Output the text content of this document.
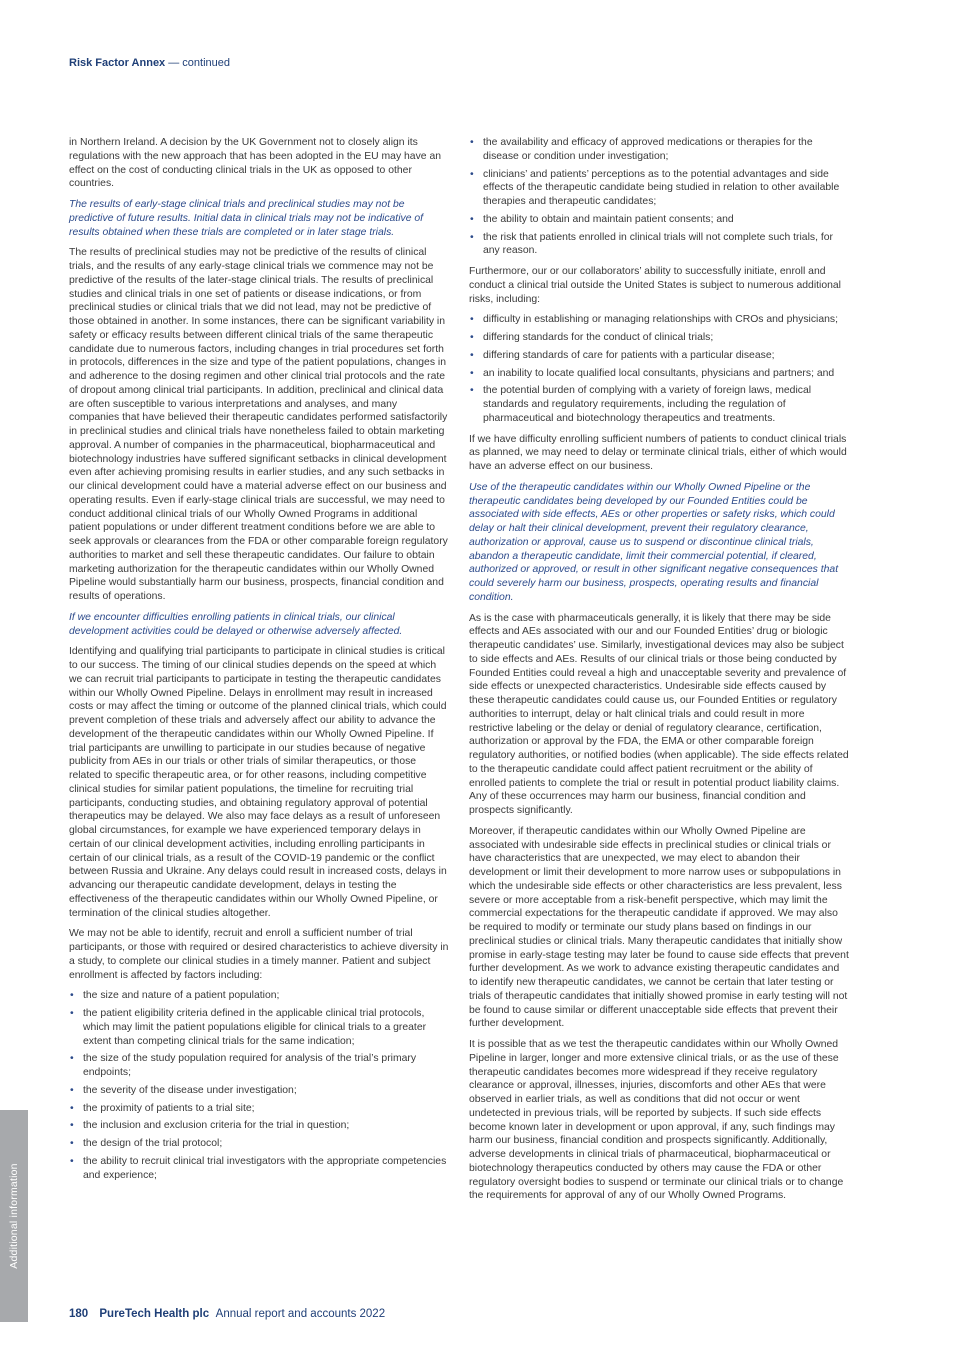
Risk Factor Annex — continued

in Northern Ireland. A decision by the UK Government not to closely align its regulations with the new approach that has been adopted in the EU may have an effect on the cost of conducting clinical trials in the UK as opposed to other countries.

The results of early-stage clinical trials and preclinical studies may not be predictive of future results. Initial data in clinical trials may not be indicative of results obtained when these trials are completed or in later stage trials.

The results of preclinical studies may not be predictive of the results of clinical trials, and the results of any early-stage clinical trials we commence may not be predictive of the results of the later-stage clinical trials. The results of preclinical studies and clinical trials in one set of patients or disease indications, or from preclinical studies or clinical trials that we did not lead, may not be predictive of those obtained in another. In some instances, there can be significant variability in safety or efficacy results between different clinical trials of the same therapeutic candidate due to numerous factors, including changes in trial procedures set forth in protocols, differences in the size and type of the patient populations, changes in and adherence to the dosing regimen and other clinical trial protocols and the rate of dropout among clinical trial participants. In addition, preclinical and clinical data are often susceptible to various interpretations and analyses, and many companies that have believed their therapeutic candidates performed satisfactorily in preclinical studies and clinical trials have nonetheless failed to obtain marketing approval. A number of companies in the pharmaceutical, biopharmaceutical and biotechnology industries have suffered significant setbacks in clinical development even after achieving promising results in earlier studies, and any such setbacks in our clinical development could have a material adverse effect on our business and operating results. Even if early-stage clinical trials are successful, we may need to conduct additional clinical trials of our Wholly Owned Programs in additional patient populations or under different treatment conditions before we are able to seek approvals or clearances from the FDA or other comparable foreign regulatory authorities to market and sell these therapeutic candidates. Our failure to obtain marketing authorization for the therapeutic candidates within our Wholly Owned Pipeline would substantially harm our business, prospects, financial condition and results of operations.

If we encounter difficulties enrolling patients in clinical trials, our clinical development activities could be delayed or otherwise adversely affected.

Identifying and qualifying trial participants to participate in clinical studies is critical to our success. The timing of our clinical studies depends on the speed at which we can recruit trial participants to participate in testing the therapeutic candidates within our Wholly Owned Pipeline. Delays in enrollment may result in increased costs or may affect the timing or outcome of the planned clinical trials, which could prevent completion of these trials and adversely affect our ability to advance the development of the therapeutic candidates within our Wholly Owned Pipeline. If trial participants are unwilling to participate in our studies because of negative publicity from AEs in our trials or other trials of similar therapeutics, or those related to specific therapeutic area, or for other reasons, including competitive clinical studies for similar patient populations, the timeline for recruiting trial participants, conducting studies, and obtaining regulatory approval of potential therapeutics may be delayed. We also may face delays as a result of unforeseen global circumstances, for example we have experienced temporary delays in certain of our clinical development activities, including enrolling participants in certain of our clinical trials, as a result of the COVID-19 pandemic or the conflict between Russia and Ukraine. Any delays could result in increased costs, delays in advancing our therapeutic candidate development, delays in testing the effectiveness of the therapeutic candidates within our Wholly Owned Pipeline, or termination of the clinical studies altogether.

We may not be able to identify, recruit and enroll a sufficient number of trial participants, or those with required or desired characteristics to achieve diversity in a study, to complete our clinical studies in a timely manner. Patient and subject enrollment is affected by factors including:

• the size and nature of a patient population;
• the patient eligibility criteria defined in the applicable clinical trial protocols, which may limit the patient populations eligible for clinical trials to a greater extent than competing clinical trials for the same indication;
• the size of the study population required for analysis of the trial’s primary endpoints;
• the severity of the disease under investigation;
• the proximity of patients to a trial site;
• the inclusion and exclusion criteria for the trial in question;
• the design of the trial protocol;
• the ability to recruit clinical trial investigators with the appropriate competencies and experience;
• the availability and efficacy of approved medications or therapies for the disease or condition under investigation;
• clinicians’ and patients’ perceptions as to the potential advantages and side effects of the therapeutic candidate being studied in relation to other available therapies and therapeutic candidates;
• the ability to obtain and maintain patient consents; and
• the risk that patients enrolled in clinical trials will not complete such trials, for any reason.

Furthermore, our or our collaborators’ ability to successfully initiate, enroll and conduct a clinical trial outside the United States is subject to numerous additional risks, including:

• difficulty in establishing or managing relationships with CROs and physicians;
• differing standards for the conduct of clinical trials;
• differing standards of care for patients with a particular disease;
• an inability to locate qualified local consultants, physicians and partners; and
• the potential burden of complying with a variety of foreign laws, medical standards and regulatory requirements, including the regulation of pharmaceutical and biotechnology therapeutics and treatments.

If we have difficulty enrolling sufficient numbers of patients to conduct clinical trials as planned, we may need to delay or terminate clinical trials, either of which would have an adverse effect on our business.

Use of the therapeutic candidates within our Wholly Owned Pipeline or the therapeutic candidates being developed by our Founded Entities could be associated with side effects, AEs or other properties or safety risks, which could delay or halt their clinical development, prevent their regulatory clearance, authorization or approval, cause us to suspend or discontinue clinical trials, abandon a therapeutic candidate, limit their commercial potential, if cleared, authorized or approved, or result in other significant negative consequences that could severely harm our business, prospects, operating results and financial condition.

As is the case with pharmaceuticals generally, it is likely that there may be side effects and AEs associated with our and our Founded Entities’ drug or biologic therapeutic candidates’ use. Similarly, investigational devices may also be subject to side effects and AEs. Results of our clinical trials or those being conducted by Founded Entities could reveal a high and unacceptable severity and prevalence of side effects or unexpected characteristics. Undesirable side effects caused by these therapeutic candidates could cause us, our Founded Entities or regulatory authorities to interrupt, delay or halt clinical trials and could result in more restrictive labeling or the delay or denial of regulatory clearance, certification, authorization or approval by the FDA, the EMA or other comparable foreign regulatory authorities, or notified bodies (when applicable). The side effects related to the therapeutic candidate could affect patient recruitment or the ability of enrolled patients to complete the trial or result in potential product liability claims. Any of these occurrences may harm our business, financial condition and prospects significantly.

Moreover, if therapeutic candidates within our Wholly Owned Pipeline are associated with undesirable side effects in preclinical studies or clinical trials or have characteristics that are unexpected, we may elect to abandon their development or limit their development to more narrow uses or subpopulations in which the undesirable side effects or other characteristics are less prevalent, less severe or more acceptable from a risk-benefit perspective, which may limit the commercial expectations for the therapeutic candidate if approved. We may also be required to modify or terminate our study plans based on findings in our preclinical studies or clinical trials. Many therapeutic candidates that initially show promise in early-stage testing may later be found to cause side effects that prevent further development. As we work to advance existing therapeutic candidates and to identify new therapeutic candidates, we cannot be certain that later testing or trials of therapeutic candidates that initially showed promise in early testing will not be found to cause similar or different unacceptable side effects that prevent their further development.

It is possible that as we test the therapeutic candidates within our Wholly Owned Pipeline in larger, longer and more extensive clinical trials, or as the use of these therapeutic candidates becomes more widespread if they receive regulatory clearance or approval, illnesses, injuries, discomforts and other AEs that were observed in earlier trials, as well as conditions that did not occur or went undetected in previous trials, will be reported by subjects. If such side effects become known later in development or upon approval, if any, such findings may harm our business, financial condition and prospects significantly. Additionally, adverse developments in clinical trials of pharmaceutical, biopharmaceutical or biotechnology therapeutics conducted by others may cause the FDA or other regulatory oversight bodies to suspend or terminate our clinical trials or to change the requirements for approval of any of our Wholly Owned Programs.

Additional information
180 PureTech Health plc Annual report and accounts 2022
